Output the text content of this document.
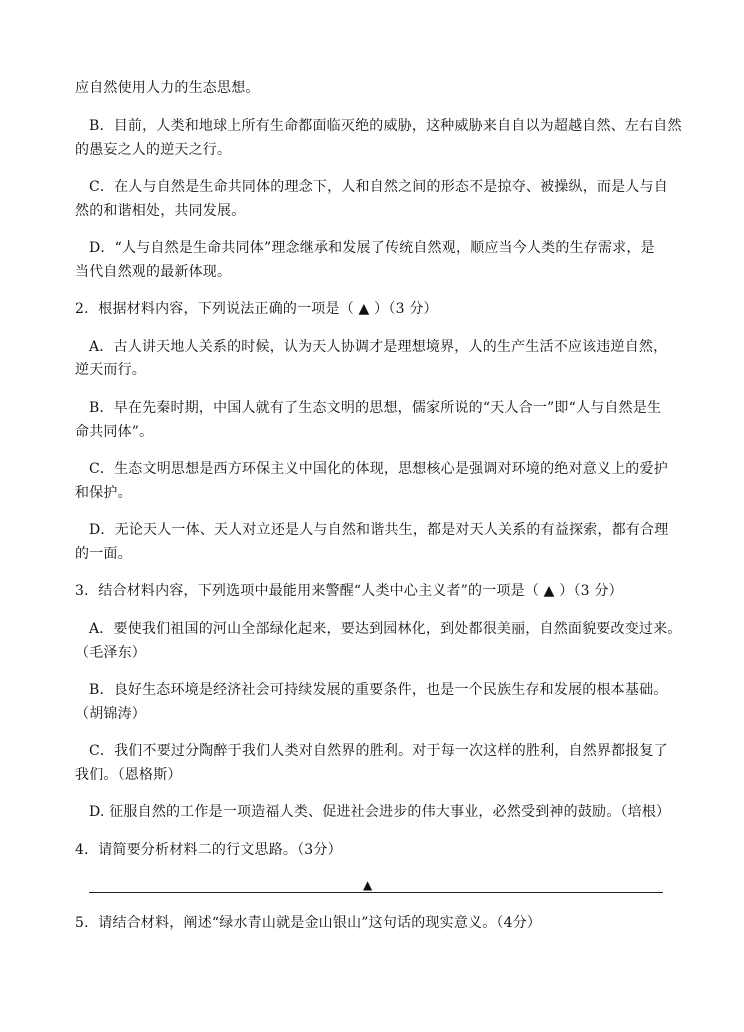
应自然使用人力的生态思想。
B．目前，人类和地球上所有生命都面临灭绝的威胁，这种威胁来自自以为超越自然、左右自然
的愚妄之人的逆天之行。
C．在人与自然是生命共同体的理念下，人和自然之间的形态不是掠夺、被操纵，而是人与自
然的和谐相处，共同发展。
D．“人与自然是生命共同体”理念继承和发展了传统自然观，顺应当今人类的生存需求，是
当代自然观的最新体现。
2．根据材料内容，下列说法正确的一项是（ ▲ ）（3 分）
A．古人讲天地人关系的时候，认为天人协调才是理想境界，人的生产生活不应该违逆自然，
逆天而行。
B．早在先秦时期，中国人就有了生态文明的思想，儒家所说的“天人合一”即“人与自然是生
命共同体”。
C．生态文明思想是西方环保主义中国化的体现，思想核心是强调对环境的绝对意义上的爱护
和保护。
D．无论天人一体、天人对立还是人与自然和谐共生，都是对天人关系的有益探索，都有合理
的一面。
3．结合材料内容，下列选项中最能用来警醒“人类中心主义者”的一项是（ ▲ ）（3 分）
A．要使我们祖国的河山全部绿化起来，要达到园林化，到处都很美丽，自然面貌要改变过来。
（毛泽东）
B．良好生态环境是经济社会可持续发展的重要条件，也是一个民族生存和发展的根本基础。
（胡锦涛）
C．我们不要过分陶醉于我们人类对自然界的胜利。对于每一次这样的胜利，自然界都报复了
我们。（恩格斯）
D. 征服自然的工作是一项造福人类、促进社会进步的伟大事业，必然受到神的鼓励。（培根）
4．请简要分析材料二的行文思路。（3分）
▲
5．请结合材料，阐述“绿水青山就是金山银山”这句话的现实意义。（4分）
